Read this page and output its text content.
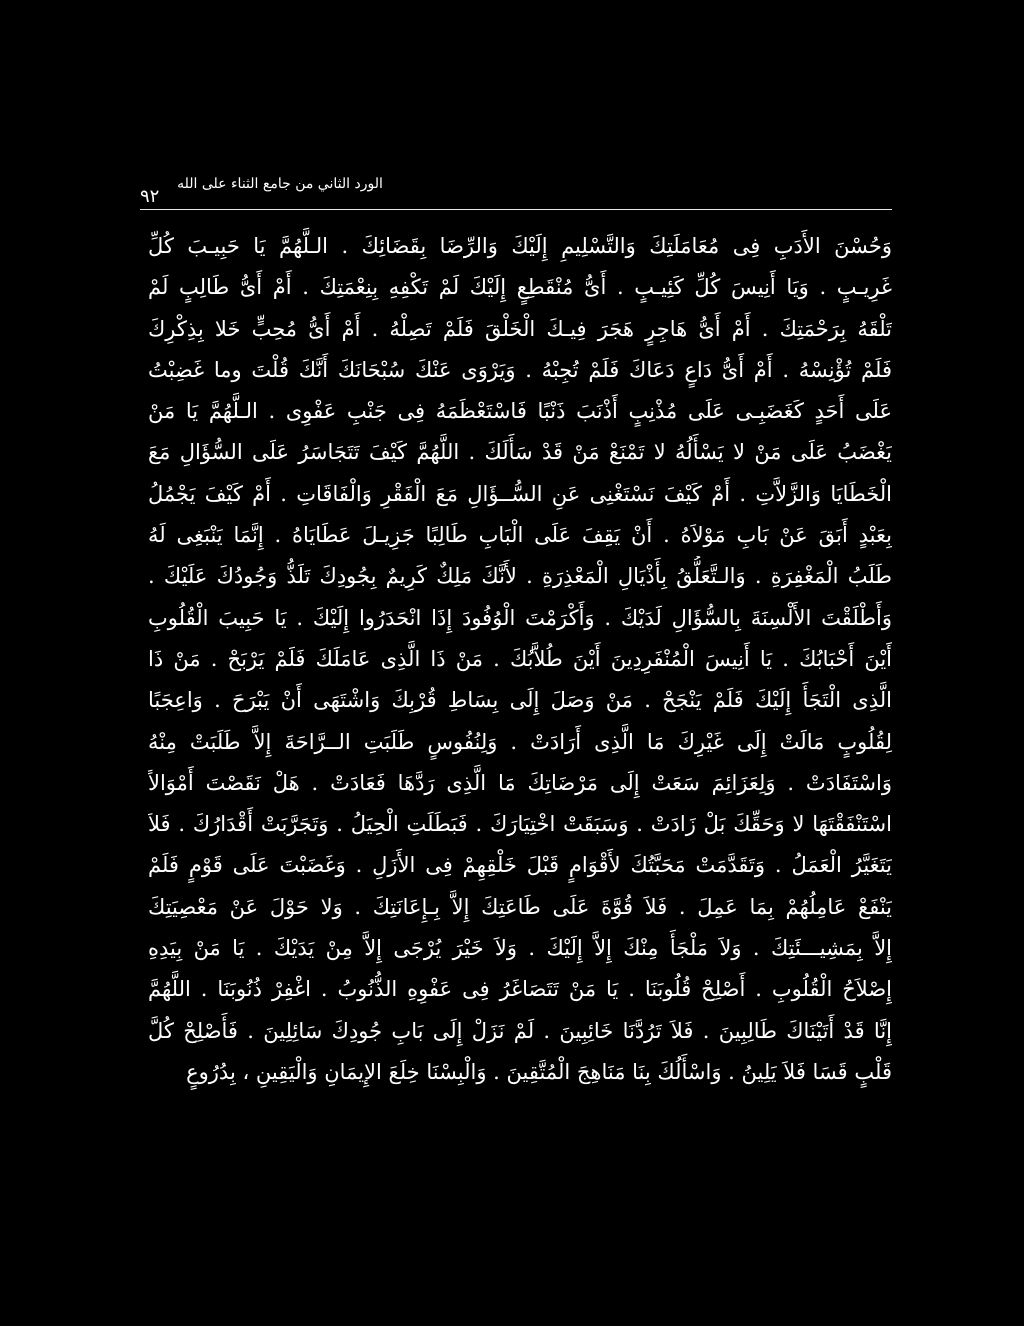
الورد الثاني من جامع الثناء على الله
٩٢
وَحُسْنَ الأَدَبِ فِى مُعَامَلَتِكَ وَالتَّسْلِيمِ إِلَيْكَ وَالرِّضَا بِقَضَائِكَ . الـلَّهُمَّ يَا حَبِيـبَ كُلِّ
غَرِيـبٍ . وَيَا أَنِيسَ كُلِّ كَئِيـبٍ . أَىُّ مُنْقَطِعٍ إِلَيْكَ لَمْ تَكْفِهِ بِنِعْمَتِكَ . أَمْ أَىُّ طَالِبٍ لَمْ
تَلْقَهُ بِرَحْمَتِكَ . أَمْ أَىُّ هَاجِرٍ هَجَرَ فِيـكَ الْخَلْقَ فَلَمْ تَصِلْهُ . أَمْ أَىُّ مُحِبٍّ خَلا بِذِكْرِكَ
فَلَمْ تُؤْنِسْهُ . أَمْ أَىُّ دَاعٍ دَعَاكَ فَلَمْ تُجِبْهُ . وَيَرْوَى عَنْكَ سُبْحَانَكَ أَنَّكَ قُلْتَ وما غَضِبْتُ
عَلَى أَحَدٍ كَغَضَبِـى عَلَى مُذْنِبٍ أَذْنَبَ ذَنْبًا فَاسْتَعْظَمَهُ فِى جَنْبِ عَفْوِى . الـلَّهُمَّ يَا مَنْ
يَغْضَبُ عَلَى مَنْ لا يَسْأَلُهُ لا تَمْنَعْ مَنْ قَدْ سَأَلَكَ . اللَّهُمَّ كَيْفَ تَتَجَاسَرُ عَلَى السُّؤَالِ مَعَ
الْخَطَايَا وَالزَّلاَّتِ . أَمْ كَيْفَ نَسْتَغْنِى عَنِ السُّــؤَالِ مَعَ الْفَقْرِ وَالْفَاقَاتِ . أَمْ كَيْفَ يَجْمُلُ
بِعَبْدٍ أَبَقَ عَنْ بَابِ مَوْلاَهُ . أَنْ يَقِفَ عَلَى الْبَابِ طَالِبًا جَزِيـلَ عَطَايَاهُ . إِنَّمَا يَنْبَغِى لَهُ
طَلَبُ الْمَغْفِرَةِ . وَالـتَّعَلُّقُ بِأَذْيَالِ الْمَعْذِرَةِ . لأَنَّكَ مَلِكٌ كَرِيمٌ بِجُودِكَ تَلَذُّ وَجُودُكَ عَلَيْكَ .
وَأَطْلَقْتَ الأَلْسِنَةَ بِالسُّؤَالِ لَدَيْكَ . وَأَكْرَمْتَ الْوُفُودَ إِذَا انْحَدَرُوا إِلَيْكَ . يَا حَبِيبَ الْقُلُوبِ
أَيْنَ أَحْبَابُكَ . يَا أَنِيسَ الْمُنْفَرِدِينَ أَيْنَ طُلاَّبُكَ . مَنْ ذَا الَّذِى عَامَلَكَ فَلَمْ يَرْبَحْ . مَنْ ذَا
الَّذِى الْتَجَأَ إِلَيْكَ فَلَمْ يَنْجَحْ . مَنْ وَصَلَ إِلَى بِسَاطِ قُرْبِكَ وَاشْتَهَى أَنْ يَبْرَحَ . وَاعِجَبًا
لِقُلُوبٍ مَالَتْ إِلَى غَيْرِكَ مَا الَّذِى أَرَادَتْ . وَلِنُفُوسٍ طَلَبَتِ الــرَّاحَةَ إِلاَّ طَلَبَتْ مِنْهُ
وَاسْتَفَادَتْ . وَلِعَزَائِمَ سَعَتْ إِلَى مَرْضَاتِكَ مَا الَّذِى رَدَّهَا فَعَادَتْ . هَلْ نَقَصْتَ أَمْوَالاً
اسْتَنْفَقْتَهَا لا وَحَقِّكَ بَلْ زَادَتْ . وَسَبَقَتْ اخْتِيَارَكَ . فَبَطَلَتِ الْحِيَلُ . وَتَجَرَّبَتْ أَقْدَارُكَ . فَلاَ
يَتَغَيَّرُ الْعَمَلُ . وَتَقَدَّمَتْ مَحَبَّتُكَ لأَقْوَامٍ قَبْلَ خَلْقِهِمْ فِى الأَزَلِ . وَغَضَبْتَ عَلَى قَوْمٍ فَلَمْ
يَنْفَعْ عَامِلُهُمْ بِمَا عَمِلَ . فَلاَ قُوَّةَ عَلَى طَاعَتِكَ إِلاَّ بِـإِعَانَتِكَ . وَلا حَوْلَ عَنْ مَعْصِيَتِكَ
إِلاَّ بِمَشِيـــئَتِكَ . وَلاَ مَلْجَأَ مِنْكَ إِلاَّ إِلَيْكَ . وَلاَ خَيْرَ يُرْجَى إِلاَّ مِنْ يَدَيْكَ . يَا مَنْ بِيَدِهِ
إِصْلاَحُ الْقُلُوبِ . أَصْلِحْ قُلُوبَنَا . يَا مَنْ تَتَصَاغَرُ فِى عَفْوِهِ الذُّنُوبُ . اغْفِرْ ذُنُوبَنَا . اللَّهُمَّ
إِنَّا قَدْ أَتَيْنَاكَ طَالِبِينَ . فَلاَ تَرُدَّنَا خَائِبِينَ . لَمْ نَزَلْ إِلَى بَابِ جُودِكَ سَائِلِينَ . فَأَصْلِحْ كُلَّ
قَلْبٍ قَسَا فَلاَ يَلِينُ . وَاسْأَلُكَ بِنَا مَنَاهِجَ الْمُتَّقِينَ . وَالْبِسْنَا خِلَعَ الإِيمَانِ وَالْيَقِينِ ، بِدُرُوعٍ
